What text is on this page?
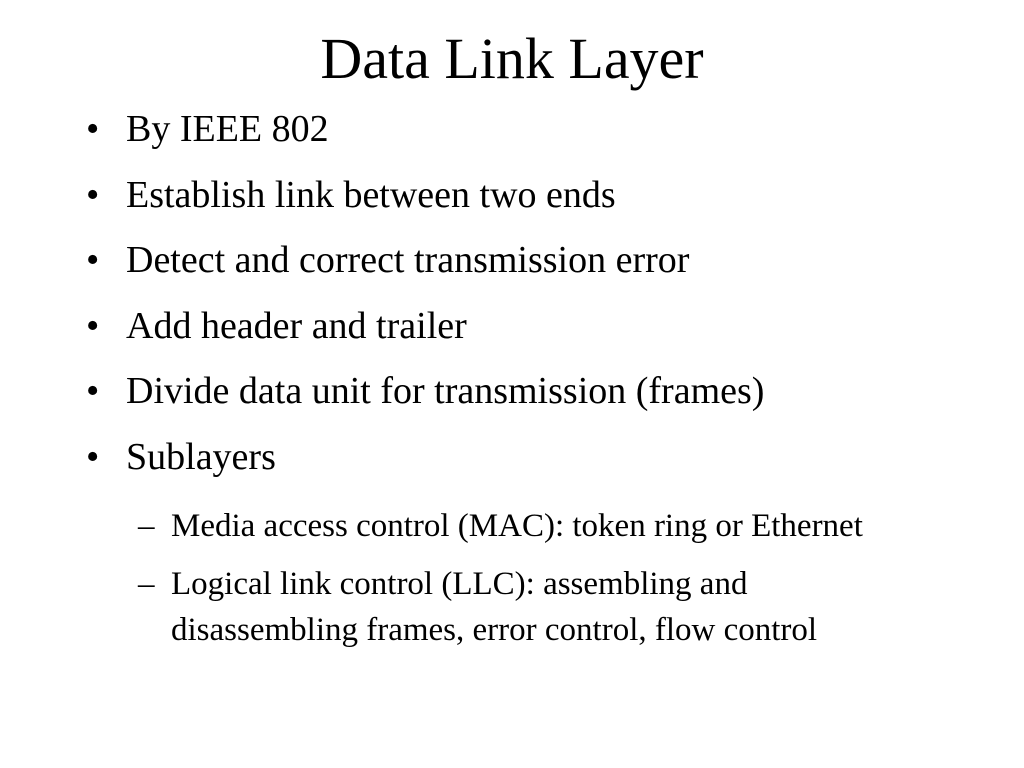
Data Link Layer
• By IEEE 802
• Establish link between two ends
• Detect and correct transmission error
• Add header and trailer
• Divide data unit for transmission (frames)
• Sublayers
– Media access control (MAC): token ring or Ethernet
– Logical link control (LLC): assembling and disassembling frames, error control, flow control
